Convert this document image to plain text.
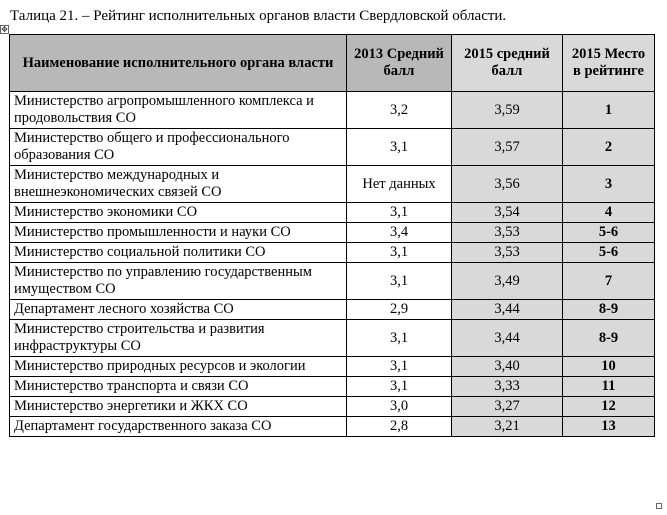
Талица 21. – Рейтинг исполнительных органов власти Свердловской области.
✥
Наименование исполнительного органа власти	2013 Средний балл	2015 средний балл	2015 Место в рейтинге
Министерство агропромышленного комплекса и продовольствия СО	3,2	3,59	1
Министерство общего и профессионального образования СО	3,1	3,57	2
Министерство международных и внешнеэкономических связей СО	Нет данных	3,56	3
Министерство экономики СО	3,1	3,54	4
Министерство промышленности и науки СО	3,4	3,53	5-6
Министерство социальной политики СО	3,1	3,53	5-6
Министерство по управлению государственным имуществом СО	3,1	3,49	7
Департамент лесного хозяйства СО	2,9	3,44	8-9
Министерство строительства и развития инфраструктуры СО	3,1	3,44	8-9
Министерство природных ресурсов и экологии	3,1	3,40	10
Министерство транспорта и связи СО	3,1	3,33	11
Министерство энергетики и ЖКХ СО	3,0	3,27	12
Департамент государственного заказа СО	2,8	3,21	13
